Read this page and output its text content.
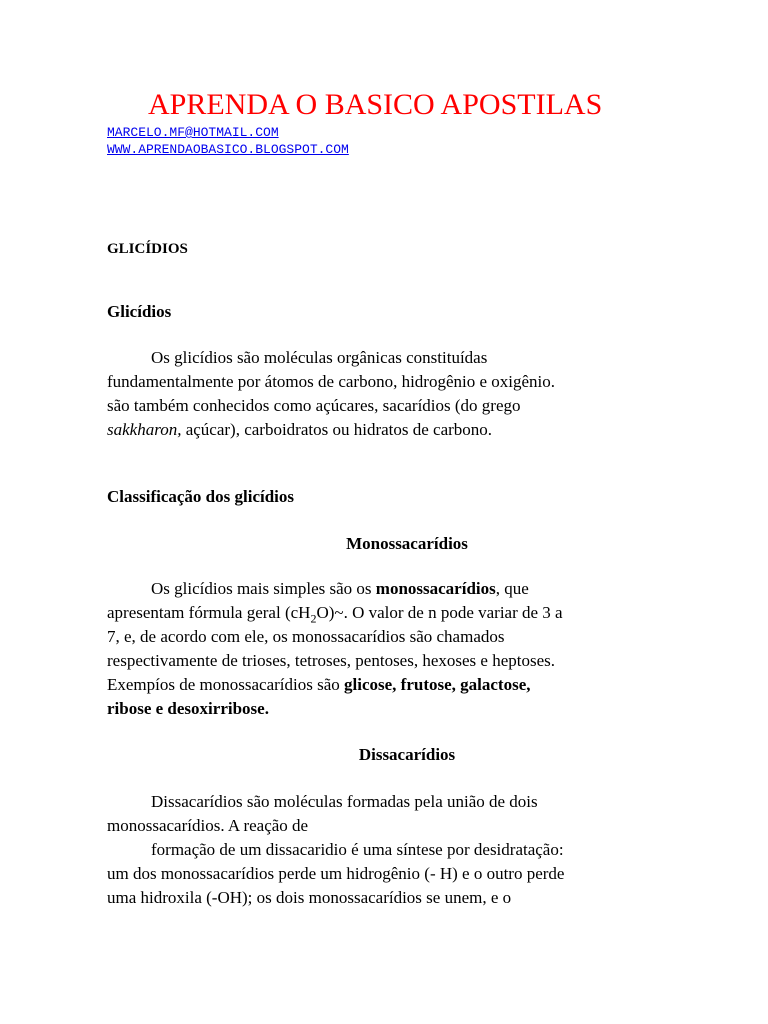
APRENDA O BASICO APOSTILAS
MARCELO.MF@HOTMAIL.COM
WWW.APRENDAOBASICO.BLOGSPOT.COM
GLICÍDIOS
Glicídios

Os glicídios são moléculas orgânicas constituídas
fundamentalmente por átomos de carbono, hidrogênio e oxigênio.
são também conhecidos como açúcares, sacarídios (do grego
sakkharon, açúcar), carboidratos ou hidratos de carbono.

Classificação dos glicídios
Monossacarídios

Os glicídios mais simples são os monossacarídios, que
apresentam fórmula geral $(cH_2O)\sim$. O valor de n pode variar de 3 a
7, e, de acordo com ele, os monossacarídios são chamados
respectivamente de trioses, tetroses, pentoses, hexoses e heptoses.
Exempíos de monossacarídios são glicose, frutose, galactose,
ribose e desoxirribose.

Dissacarídios

Dissacarídios são moléculas formadas pela união de dois
monossacarídios. A reação de
formação de um dissacaridio é uma síntese por desidratação:
um dos monossacarídios perde um hidrogênio (- H) e o outro perde
uma hidroxila (-OH); os dois monossacarídios se unem, e o
